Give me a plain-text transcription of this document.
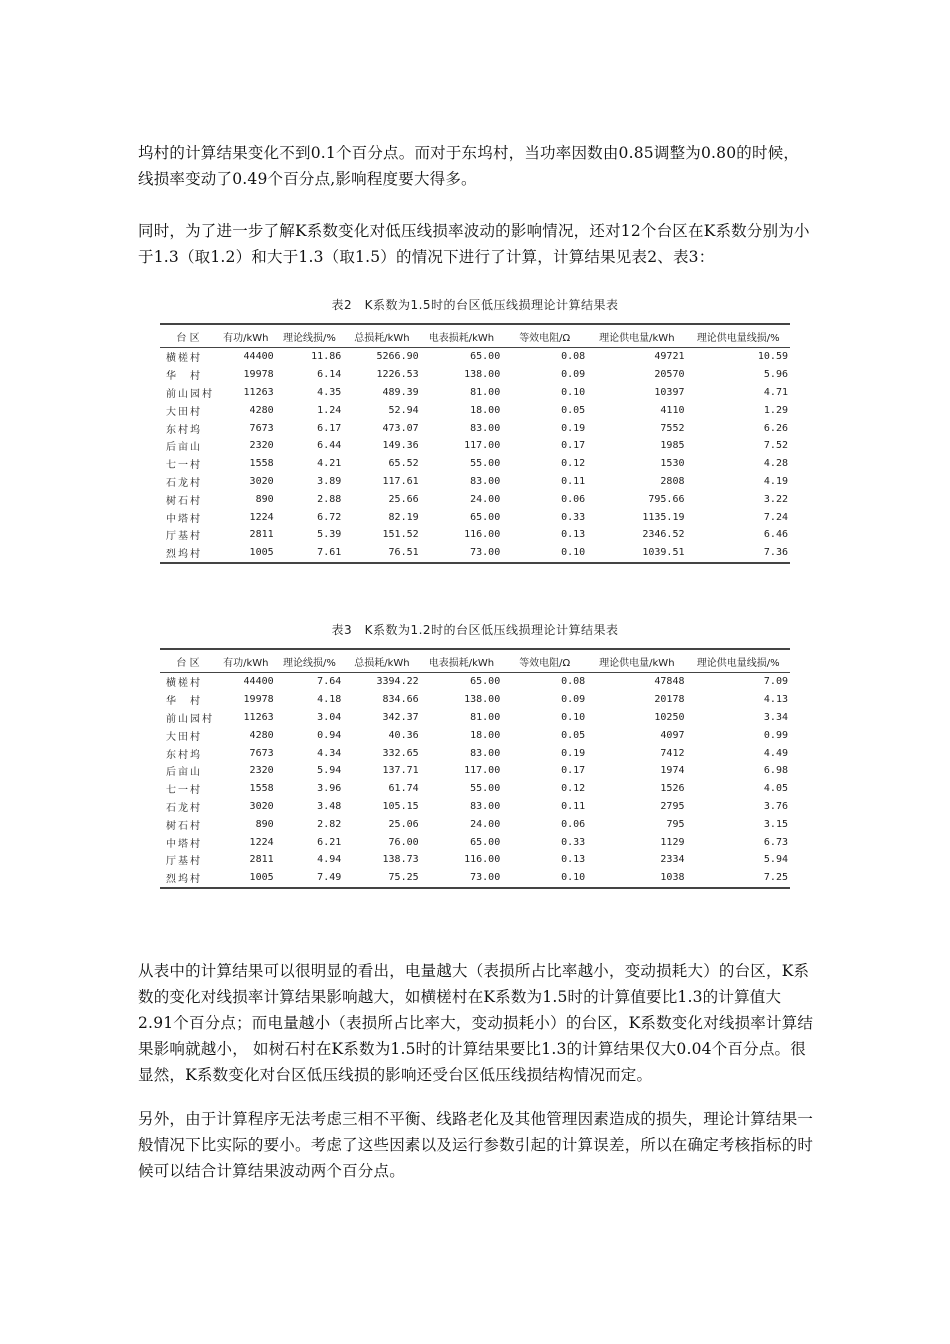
坞村的计算结果变化不到0.1个百分点。而对于东坞村，当功率因数由0.85调整为0.80的时候，线损率变动了0.49个百分点,影响程度要大得多。

同时，为了进一步了解K系数变化对低压线损率波动的影响情况，还对12个台区在K系数分别为小于1.3（取1.2）和大于1.3（取1.5）的情况下进行了计算，计算结果见表2、表3：

表2　K系数为1.5时的台区低压线损理论计算结果表

台 区	有功/kWh	理论线损/%	总损耗/kWh	电表损耗/kWh	等效电阻/Ω	理论供电量/kWh	理论供电量线损/%
横槎村	44400	11.86	5266.90	65.00	0.08	49721	10.59
华　村	19978	6.14	1226.53	138.00	0.09	20570	5.96
前山园村	11263	4.35	489.39	81.00	0.10	10397	4.71
大田村	4280	1.24	52.94	18.00	0.05	4110	1.29
东村坞	7673	6.17	473.07	83.00	0.19	7552	6.26
后亩山	2320	6.44	149.36	117.00	0.17	1985	7.52
七一村	1558	4.21	65.52	55.00	0.12	1530	4.28
石龙村	3020	3.89	117.61	83.00	0.11	2808	4.19
树石村	890	2.88	25.66	24.00	0.06	795.66	3.22
中塔村	1224	6.72	82.19	65.00	0.33	1135.19	7.24
厅基村	2811	5.39	151.52	116.00	0.13	2346.52	6.46
烈坞村	1005	7.61	76.51	73.00	0.10	1039.51	7.36

表3　K系数为1.2时的台区低压线损理论计算结果表

台 区	有功/kWh	理论线损/%	总损耗/kWh	电表损耗/kWh	等效电阻/Ω	理论供电量/kWh	理论供电量线损/%
横槎村	44400	7.64	3394.22	65.00	0.08	47848	7.09
华　村	19978	4.18	834.66	138.00	0.09	20178	4.13
前山园村	11263	3.04	342.37	81.00	0.10	10250	3.34
大田村	4280	0.94	40.36	18.00	0.05	4097	0.99
东村坞	7673	4.34	332.65	83.00	0.19	7412	4.49
后亩山	2320	5.94	137.71	117.00	0.17	1974	6.98
七一村	1558	3.96	61.74	55.00	0.12	1526	4.05
石龙村	3020	3.48	105.15	83.00	0.11	2795	3.76
树石村	890	2.82	25.06	24.00	0.06	795	3.15
中塔村	1224	6.21	76.00	65.00	0.33	1129	6.73
厅基村	2811	4.94	138.73	116.00	0.13	2334	5.94
烈坞村	1005	7.49	75.25	73.00	0.10	1038	7.25

从表中的计算结果可以很明显的看出，电量越大（表损所占比率越小，变动损耗大）的台区，K系数的变化对线损率计算结果影响越大，如横槎村在K系数为1.5时的计算值要比1.3的计算值大2.91个百分点；而电量越小（表损所占比率大，变动损耗小）的台区，K系数变化对线损率计算结果影响就越小， 如树石村在K系数为1.5时的计算结果要比1.3的计算结果仅大0.04个百分点。很显然，K系数变化对台区低压线损的影响还受台区低压线损结构情况而定。

另外，由于计算程序无法考虑三相不平衡、线路老化及其他管理因素造成的损失，理论计算结果一般情况下比实际的要小。考虑了这些因素以及运行参数引起的计算误差，所以在确定考核指标的时候可以结合计算结果波动两个百分点。
